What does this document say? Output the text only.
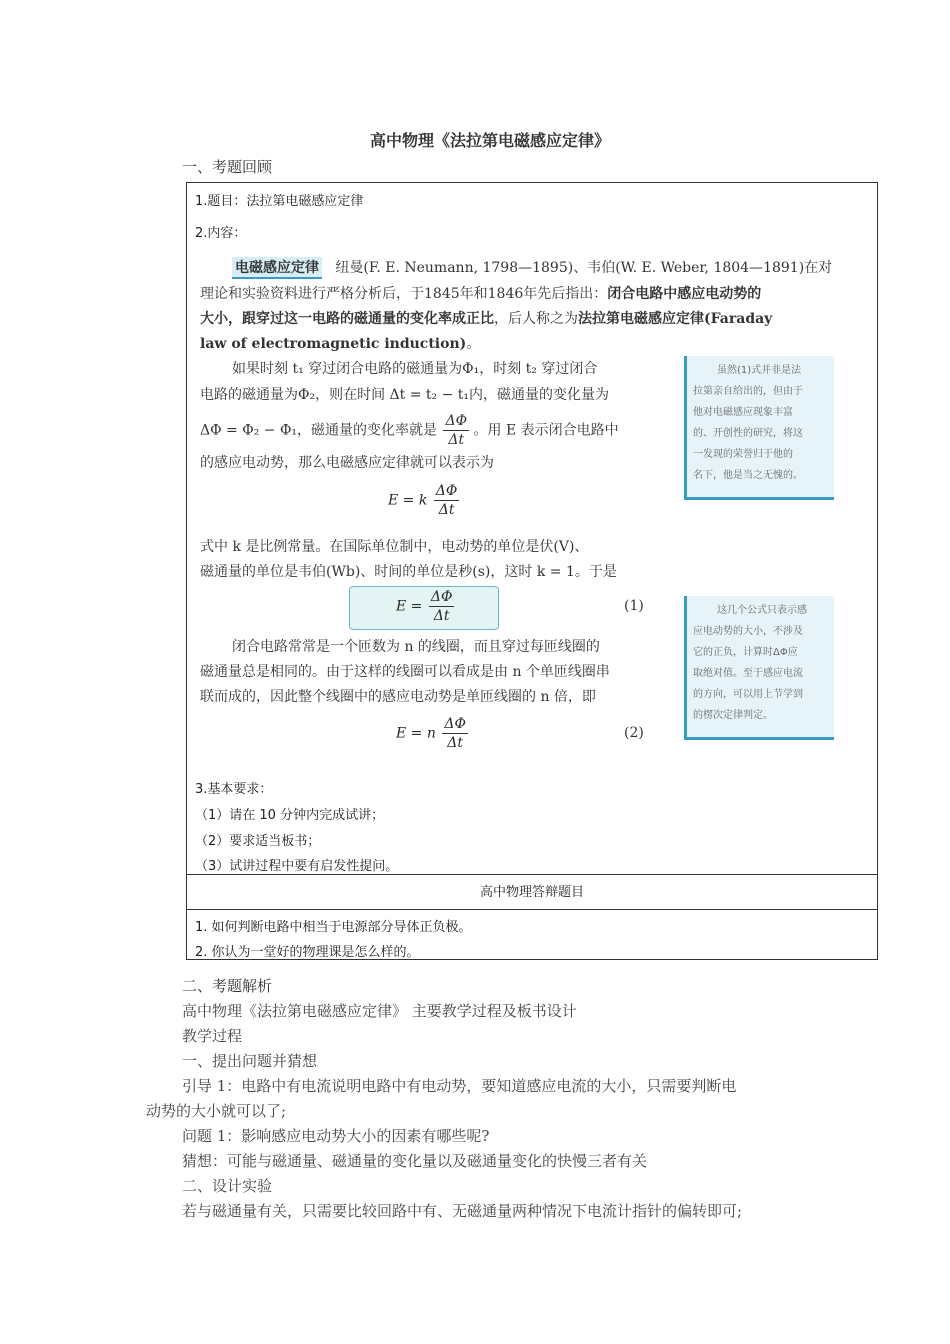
高中物理《法拉第电磁感应定律》
一、考题回顾
1.题目：法拉第电磁感应定律
2.内容：
电磁感应定律 纽曼(F. E. Neumann, 1798—1895)、韦伯(W. E. Weber, 1804—1891)在对
理论和实验资料进行严格分析后，于1845年和1846年先后指出：闭合电路中感应电动势的
大小，跟穿过这一电路的磁通量的变化率成正比，后人称之为法拉第电磁感应定律(Faraday
law of electromagnetic induction)。
如果时刻 t₁ 穿过闭合电路的磁通量为Φ₁，时刻 t₂ 穿过闭合
电路的磁通量为Φ₂，则在时间 Δt = t₂ − t₁内，磁通量的变化量为
ΔΦ = Φ₂ − Φ₁，磁通量的变化率就是 $\frac{\Delta\Phi}{\Delta t}$ 。用 E 表示闭合电路中
的感应电动势，那么电磁感应定律就可以表示为
E = k $\frac{\Delta\Phi}{\Delta t}$
式中 k 是比例常量。在国际单位制中，电动势的单位是伏(V)、
磁通量的单位是韦伯(Wb)、时间的单位是秒(s)，这时 k = 1。于是
$E = \frac{\Delta\Phi}{\Delta t}$	(1)
闭合电路常常是一个匝数为 n 的线圈，而且穿过每匝线圈的
磁通量总是相同的。由于这样的线圈可以看成是由 n 个单匝线圈串
联而成的，因此整个线圈中的感应电动势是单匝线圈的 n 倍，即
E = n $\frac{\Delta\Phi}{\Delta t}$	(2)
虽然(1)式并非是法
拉第亲自给出的，但由于
他对电磁感应现象丰富
的、开创性的研究，将这
一发现的荣誉归于他的
名下，他是当之无愧的。
这几个公式只表示感
应电动势的大小，不涉及
它的正负，计算时ΔΦ应
取绝对值。至于感应电流
的方向，可以用上节学到
的楞次定律判定。
3.基本要求：
（1）请在 10 分钟内完成试讲；
（2）要求适当板书；
（3）试讲过程中要有启发性提问。
高中物理答辩题目
1. 如何判断电路中相当于电源部分导体正负极。
2. 你认为一堂好的物理课是怎么样的。
二、考题解析
高中物理《法拉第电磁感应定律》 主要教学过程及板书设计
教学过程
一、提出问题并猜想
引导 1：电路中有电流说明电路中有电动势，要知道感应电流的大小，只需要判断电
动势的大小就可以了;
问题 1：影响感应电动势大小的因素有哪些呢?
猜想：可能与磁通量、磁通量的变化量以及磁通量变化的快慢三者有关
二、设计实验
若与磁通量有关，只需要比较回路中有、无磁通量两种情况下电流计指针的偏转即可;
